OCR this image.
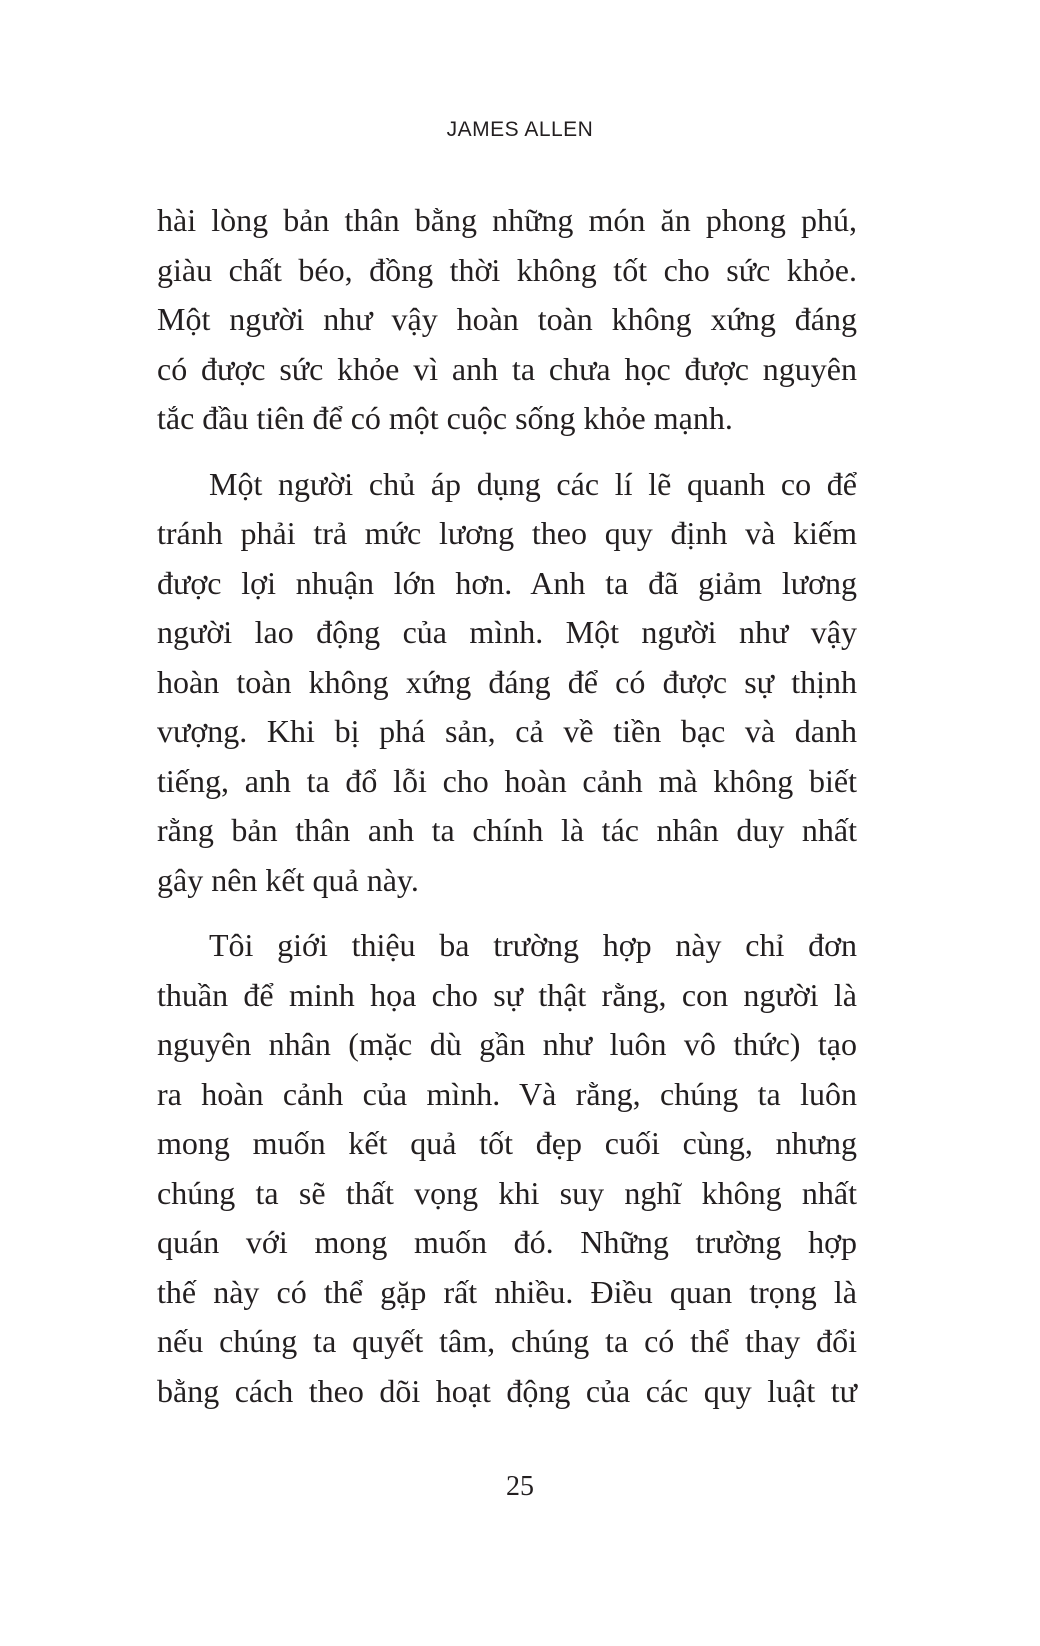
JAMES ALLEN

hài lòng bản thân bằng những món ăn phong phú,
giàu chất béo, đồng thời không tốt cho sức khỏe.
Một người như vậy hoàn toàn không xứng đáng
có được sức khỏe vì anh ta chưa học được nguyên
tắc đầu tiên để có một cuộc sống khỏe mạnh.

Một người chủ áp dụng các lí lẽ quanh co để
tránh phải trả mức lương theo quy định và kiếm
được lợi nhuận lớn hơn. Anh ta đã giảm lương
người lao động của mình. Một người như vậy
hoàn toàn không xứng đáng để có được sự thịnh
vượng. Khi bị phá sản, cả về tiền bạc và danh
tiếng, anh ta đổ lỗi cho hoàn cảnh mà không biết
rằng bản thân anh ta chính là tác nhân duy nhất
gây nên kết quả này.

Tôi giới thiệu ba trường hợp này chỉ đơn
thuần để minh họa cho sự thật rằng, con người là
nguyên nhân (mặc dù gần như luôn vô thức) tạo
ra hoàn cảnh của mình. Và rằng, chúng ta luôn
mong muốn kết quả tốt đẹp cuối cùng, nhưng
chúng ta sẽ thất vọng khi suy nghĩ không nhất
quán với mong muốn đó. Những trường hợp
thế này có thể gặp rất nhiều. Điều quan trọng là
nếu chúng ta quyết tâm, chúng ta có thể thay đổi
bằng cách theo dõi hoạt động của các quy luật tư

25
